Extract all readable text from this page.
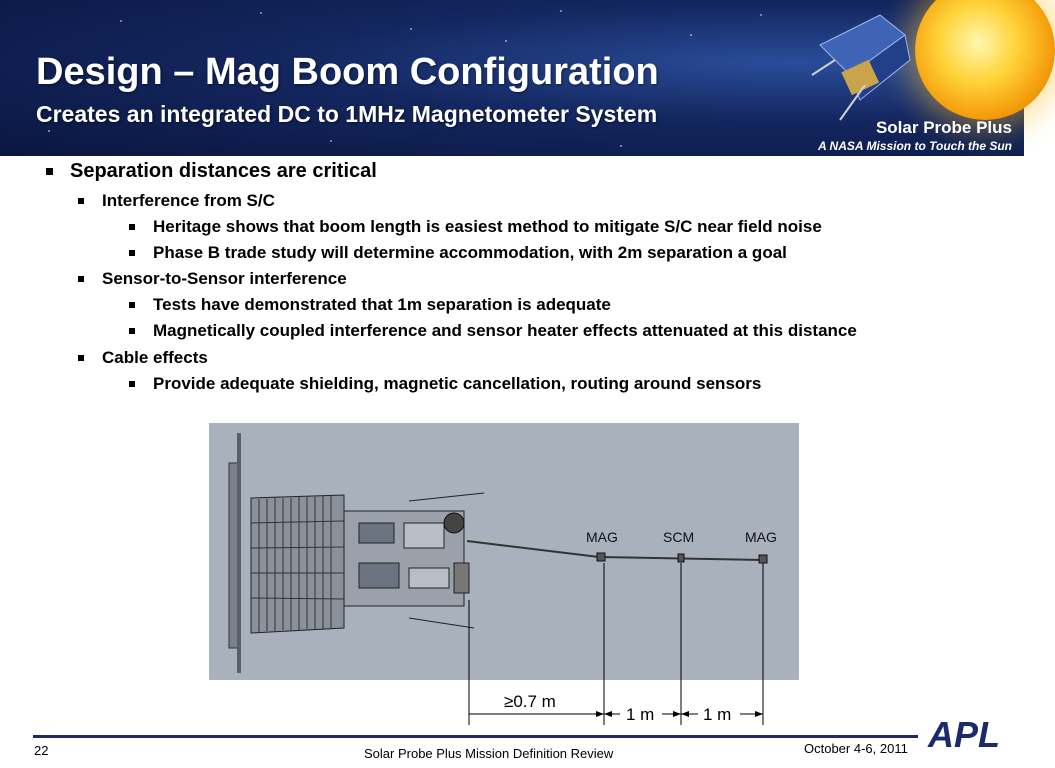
Design – Mag Boom Configuration
Creates an integrated DC to 1MHz Magnetometer System
Solar Probe Plus
A NASA Mission to Touch the Sun
Separation distances are critical
Interference from S/C
Heritage shows that boom length is easiest method to mitigate S/C near field noise
Phase B trade study will determine accommodation, with 2m separation a goal
Sensor-to-Sensor interference
Tests have demonstrated that 1m separation is adequate
Magnetically coupled interference and sensor heater effects attenuated at this distance
Cable effects
Provide adequate shielding, magnetic cancellation, routing around sensors
MAG	SCM	MAG
≥0.7 m
1 m	1 m
22	Solar Probe Plus Mission Definition Review	October 4-6, 2011 APL
